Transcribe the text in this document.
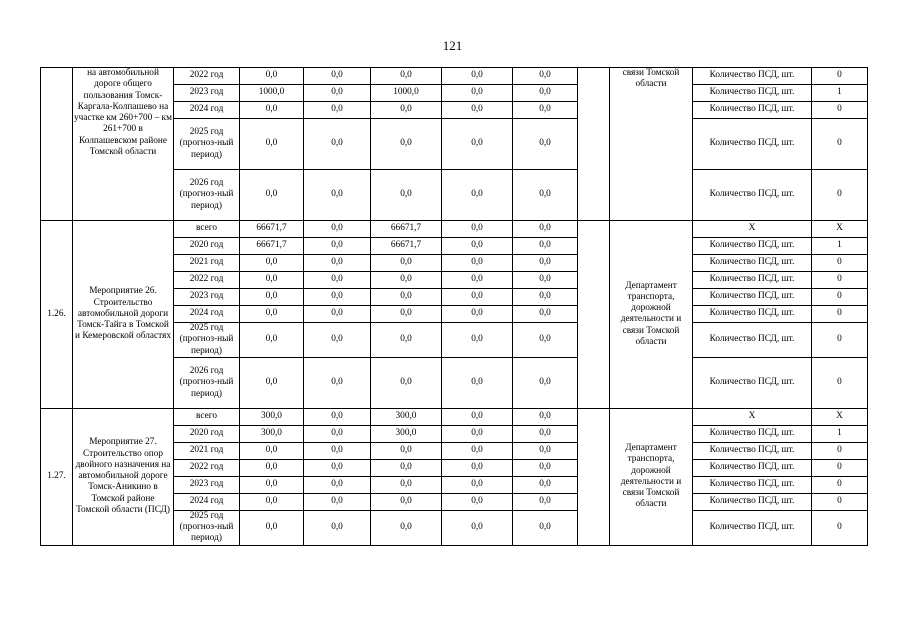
121
	на автомобильной дороге общего пользования Томск-Каргала-Колпашево на участке км 260+700 – км 261+700 в Колпашевском районе Томской области	2022 год	0,0	0,0	0,0	0,0	0,0		связи Томской области	Количество ПСД, шт.	0
		2023 год	1000,0	0,0	1000,0	0,0	0,0			Количество ПСД, шт.	1
		2024 год	0,0	0,0	0,0	0,0	0,0			Количество ПСД, шт.	0
		2025 год (прогноз-ный период)	0,0	0,0	0,0	0,0	0,0			Количество ПСД, шт.	0
		2026 год (прогноз-ный период)	0,0	0,0	0,0	0,0	0,0			Количество ПСД, шт.	0
1.26.	Мероприятие 26. Строительство автомобильной дороги Томск-Тайга в Томской и Кемеровской областях	всего	66671,7	0,0	66671,7	0,0	0,0		Департамент транспорта, дорожной деятельности и связи Томской области	Х	Х
		2020 год	66671,7	0,0	66671,7	0,0	0,0			Количество ПСД, шт.	1
		2021 год	0,0	0,0	0,0	0,0	0,0			Количество ПСД, шт.	0
		2022 год	0,0	0,0	0,0	0,0	0,0			Количество ПСД, шт.	0
		2023 год	0,0	0,0	0,0	0,0	0,0			Количество ПСД, шт.	0
		2024 год	0,0	0,0	0,0	0,0	0,0			Количество ПСД, шт.	0
		2025 год (прогноз-ный период)	0,0	0,0	0,0	0,0	0,0			Количество ПСД, шт.	0
		2026 год (прогноз-ный период)	0,0	0,0	0,0	0,0	0,0			Количество ПСД, шт.	0
1.27.	Мероприятие 27. Строительство опор двойного назначения на автомобильной дороге Томск-Аникино в Томской районе Томской области (ПСД)	всего	300,0	0,0	300,0	0,0	0,0		Департамент транспорта, дорожной деятельности и связи Томской области	Х	Х
		2020 год	300,0	0,0	300,0	0,0	0,0			Количество ПСД, шт.	1
		2021 год	0,0	0,0	0,0	0,0	0,0			Количество ПСД, шт.	0
		2022 год	0,0	0,0	0,0	0,0	0,0			Количество ПСД, шт.	0
		2023 год	0,0	0,0	0,0	0,0	0,0			Количество ПСД, шт.	0
		2024 год	0,0	0,0	0,0	0,0	0,0			Количество ПСД, шт.	0
		2025 год (прогноз-ный период)	0,0	0,0	0,0	0,0	0,0			Количество ПСД, шт.	0
